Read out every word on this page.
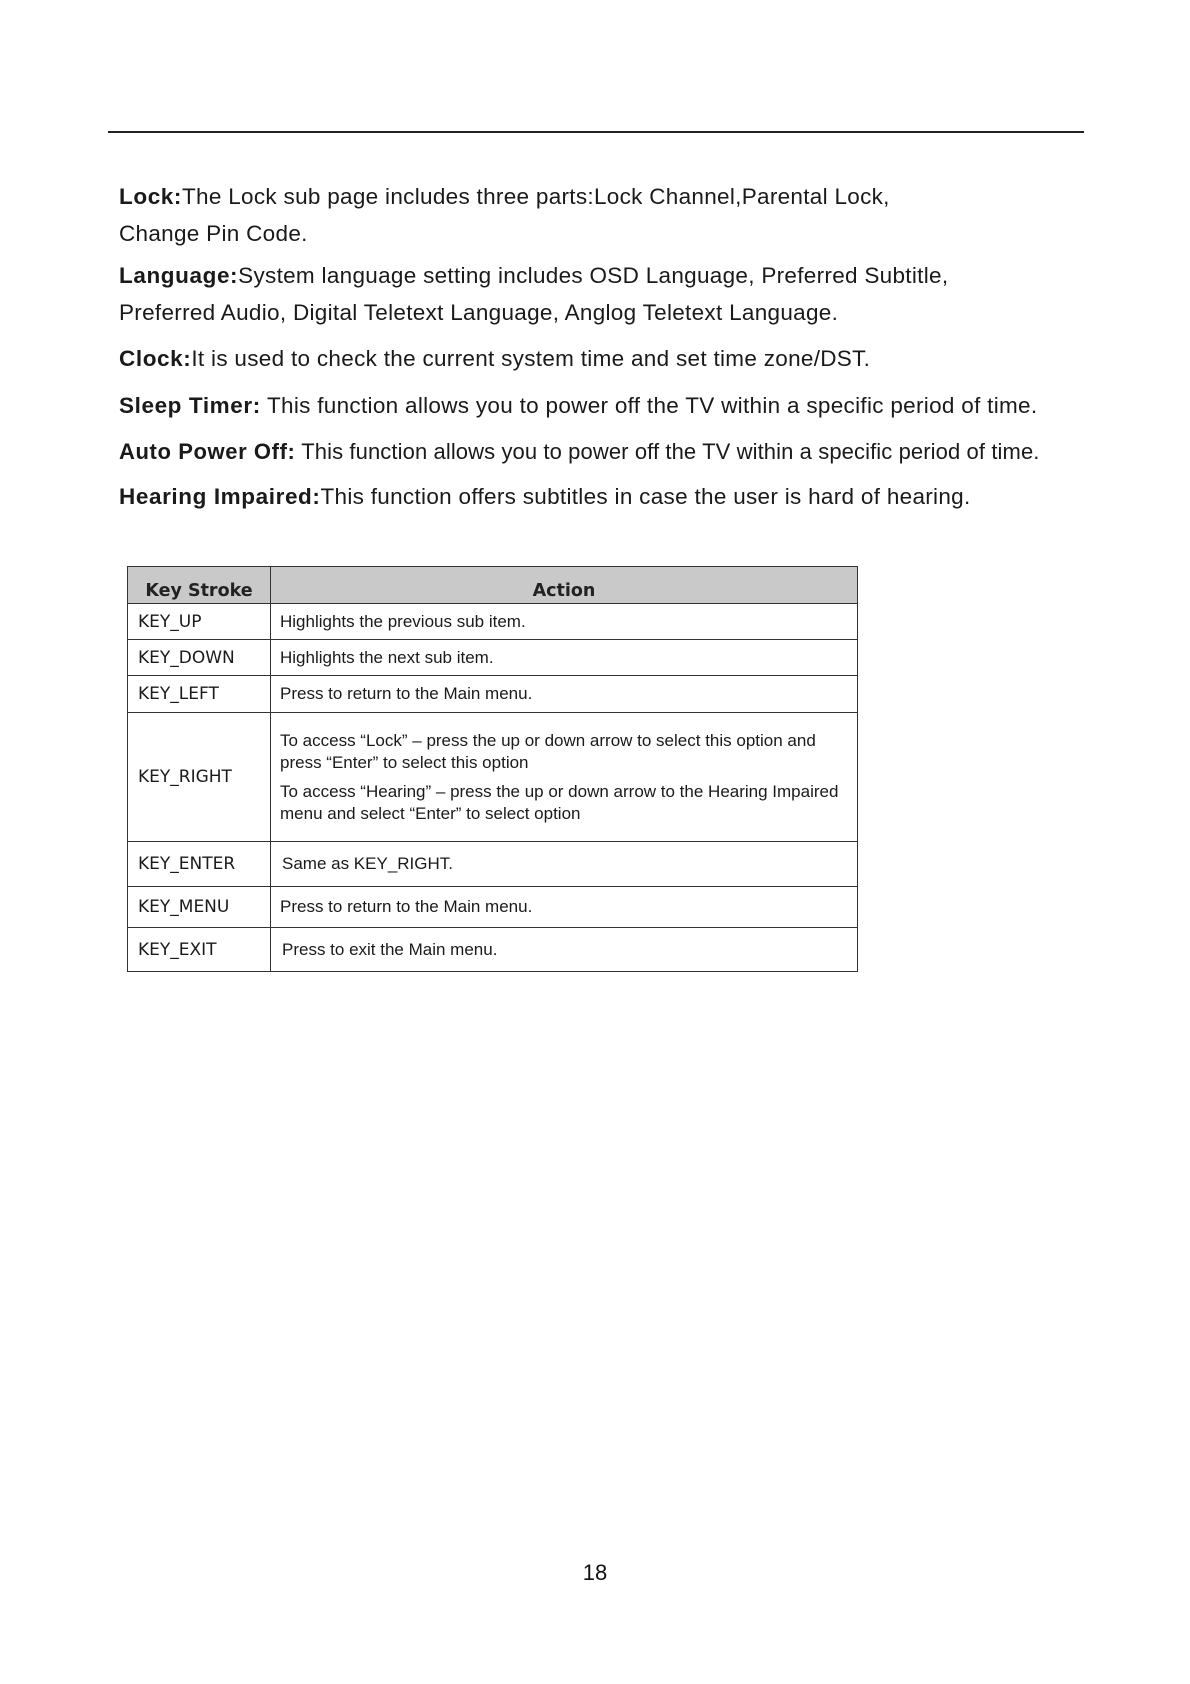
Lock:The Lock sub page includes three parts:Lock Channel,Parental Lock, Change Pin Code.

Language:System language setting includes OSD Language, Preferred Subtitle, Preferred Audio, Digital Teletext Language, Anglog Teletext Language.

Clock:It is used to check the current system time and set time zone/DST.

Sleep Timer: This function allows you to power off the TV within a specific period of time.

Auto Power Off: This function allows you to power off the TV within a specific period of time.

Hearing Impaired:This function offers subtitles in case the user is hard of hearing.

Key Stroke	Action
KEY_UP	Highlights the previous sub item.

KEY_DOWN	Highlights the next sub item.

KEY_LEFT	Press to return to the Main menu.

KEY_RIGHT	To access “Lock” – press the up or down arrow to select this option and press “Enter” to select this option
To access “Hearing” – press the up or down arrow to the Hearing Impaired menu and select “Enter” to select option

KEY_ENTER	Same as KEY_RIGHT.

KEY_MENU	Press to return to the Main menu.

KEY_EXIT	Press to exit the Main menu.
18
